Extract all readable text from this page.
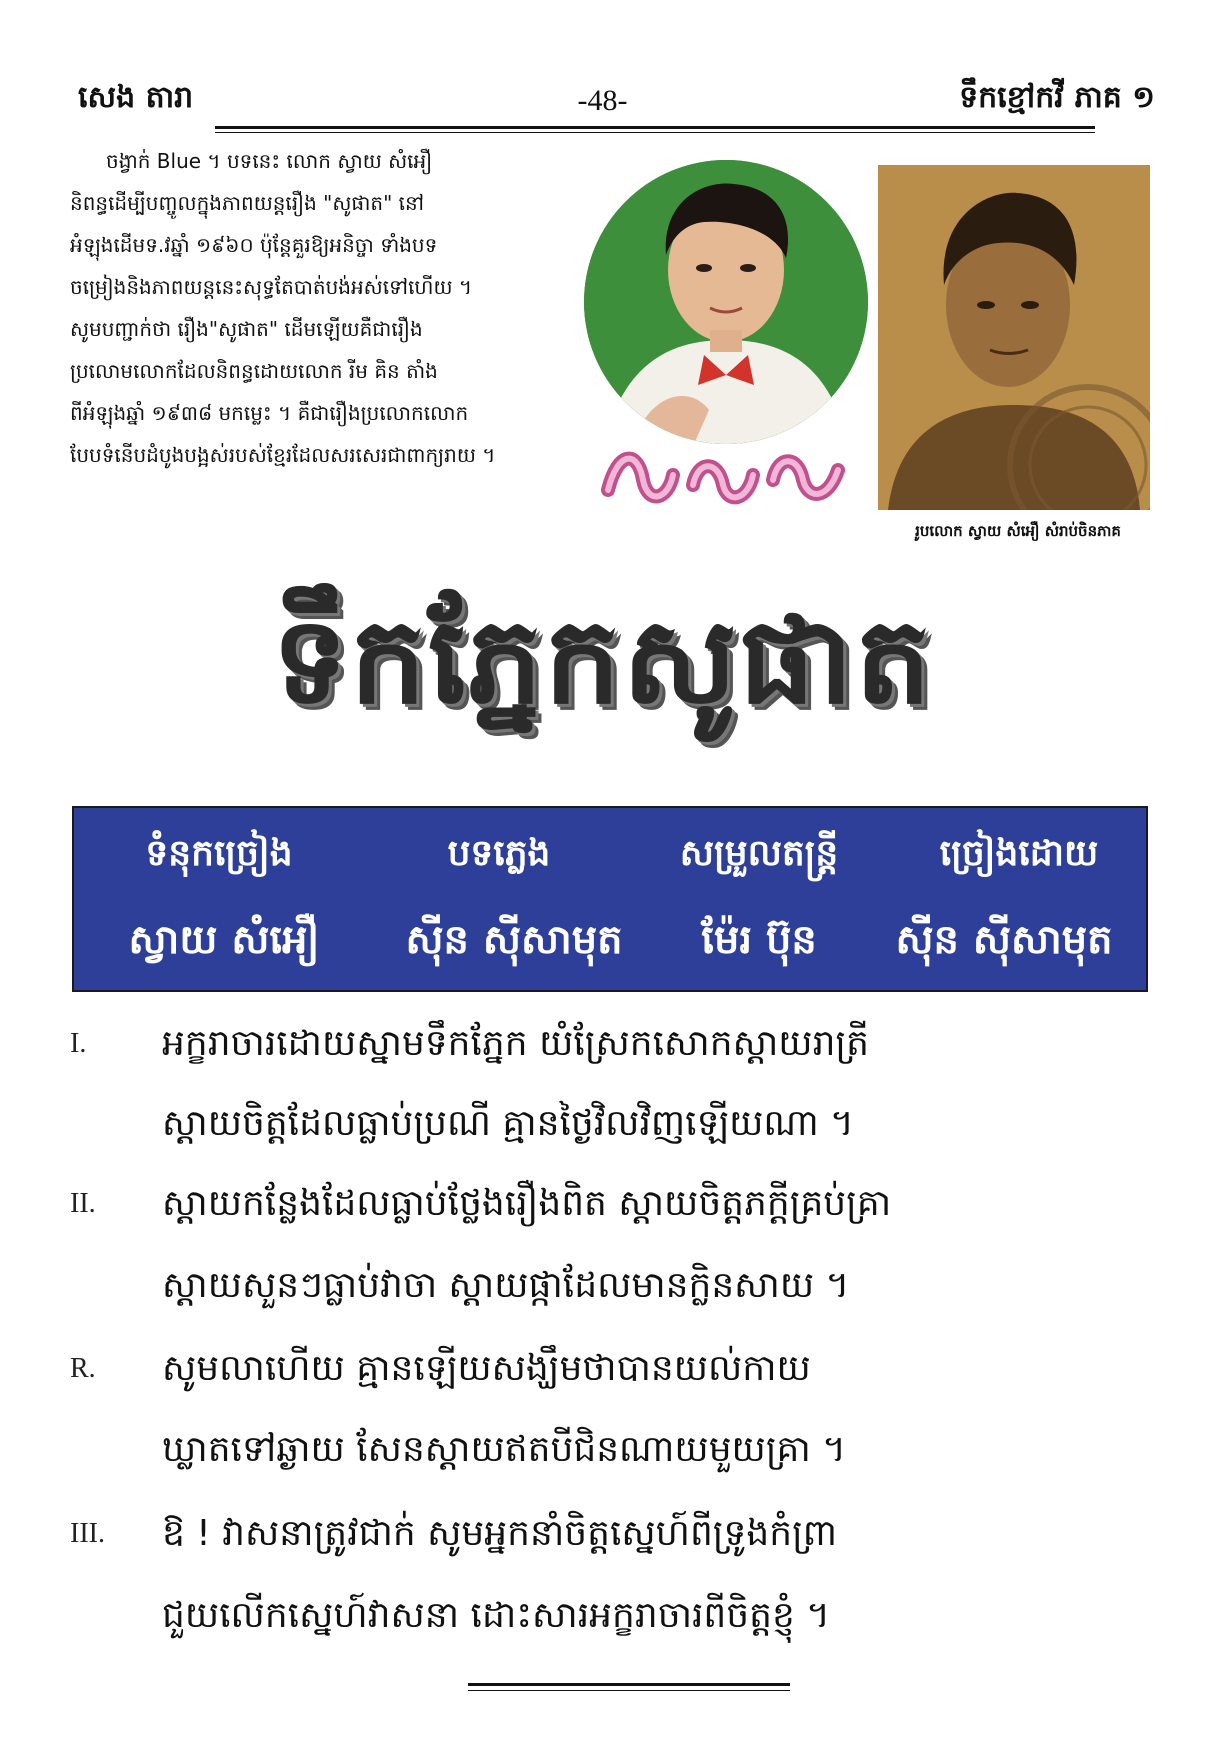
សេង តារា	-48-	ទឹកខ្មៅកវី ភាគ ១

ចង្វាក់ Blue ។ បទនេះ លោក ស្វាយ សំអឿ

និពន្ធដើម្បីបញ្ចូលក្នុងភាពយន្តរឿង "សូផាត" នៅ

អំឡុងដើមទ.វឆ្នាំ ១៩៦០ ប៉ុន្តែគួរឱ្យអនិច្ចា ទាំងបទ

ចម្រៀងនិងភាពយន្តនេះសុទ្ធតែបាត់បង់អស់ទៅហើយ ។

សូមបញ្ជាក់ថា រឿង"សូផាត" ដើមឡើយគឺជារឿង

ប្រលោមលោកដែលនិពន្ធដោយលោក រីម គិន តាំង

ពីអំឡុងឆ្នាំ ១៩៣៨ មកម្លេះ ។ គឺជារឿងប្រលោកលោក

បែបទំនើបដំបូងបង្អស់របស់ខ្មែរដែលសរសេរជាពាក្យរាយ ។

រូបលោក ស្វាយ សំអឿ សំរាប់ចិនភាគ
ទឹកភ្នែកសូផាត
ទំនុកច្រៀង	បទភ្លេង	សម្រួលតន្ត្រី	ច្រៀងដោយ
ស្វាយ សំអឿ	ស៊ីន ស៊ីសាមុត	ម៉ែរ ប៊ុន	ស៊ីន ស៊ីសាមុត
I. អក្ខរាចារដោយស្នាមទឹកភ្នែក យំស្រែកសោកស្តាយរាត្រី
ស្តាយចិត្តដែលធ្លាប់ប្រណី គ្មានថ្ងៃវិលវិញឡើយណា ។
II. ស្តាយកន្លែងដែលធ្លាប់ថ្លែងរឿងពិត ស្តាយចិត្តភក្តីគ្រប់គ្រា
ស្តាយសួនៗធ្លាប់វាចា ស្តាយផ្កាដែលមានក្លិនសាយ ។
R. សូមលាហើយ គ្មានឡើយសង្ឃឹមថាបានយល់កាយ
ឃ្លាតទៅឆ្ងាយ សែនស្តាយឥតបីជិនណាយមួយគ្រា ។
III. ឱ ! វាសនាត្រូវជាក់ សូមអ្នកនាំចិត្តស្នេហ៍ពីទ្រូងកំព្រា
ជួយលើកស្នេហ៍វាសនា ដោះសារអក្ខរាចារពីចិត្តខ្ញុំ ។
